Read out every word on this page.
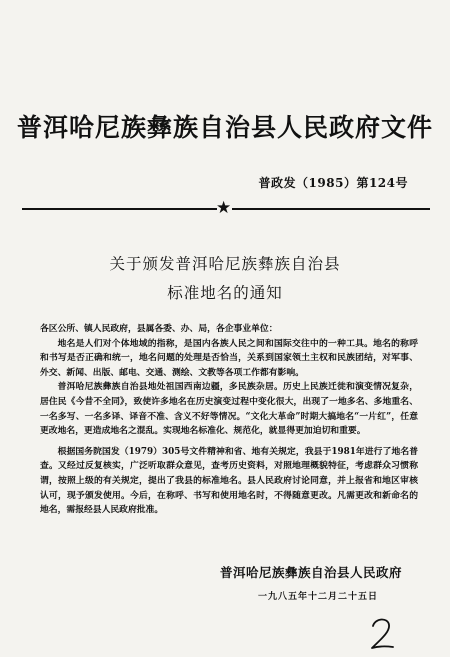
普洱哈尼族彝族自治县人民政府文件
普政发（1985）第124号
★
关于颁发普洱哈尼族彝族自治县
标准地名的通知

各区公所、镇人民政府，县属各委、办、局，各企事业单位：

地名是人们对个体地域的指称，是国内各族人民之间和国际交往中的一种工具。地名的称呼和书写是否正确和统一，地名问题的处理是否恰当，关系到国家领土主权和民族团结，对军事、外交、新闻、出版、邮电、交通、测绘、文教等各项工作都有影响。

普洱哈尼族彝族自治县地处祖国西南边疆，多民族杂居。历史上民族迁徙和演变情况复杂，居住民《今昔不全同》，致使许多地名在历史演变过程中变化很大，出现了一地多名、多地重名、一名多写、一名多译、译音不准、含义不好等情况。“文化大革命”时期大搞地名“一片红”，任意更改地名，更造成地名之混乱。实现地名标准化、规范化，就显得更加迫切和重要。

根据国务院国发（1979）305号文件精神和省、地有关规定，我县于1981年进行了地名普查。又经过反复核实，广泛听取群众意见，查考历史资料，对照地理概貌特征，考虑群众习惯称谓，按照上级的有关规定，提出了我县的标准地名。县人民政府讨论同意，并上报省和地区审核认可，现予颁发使用。今后，在称呼、书写和使用地名时，不得随意更改。凡需更改和新命名的地名，需报经县人民政府批准。

普洱哈尼族彝族自治县人民政府
一九八五年十二月二十五日
